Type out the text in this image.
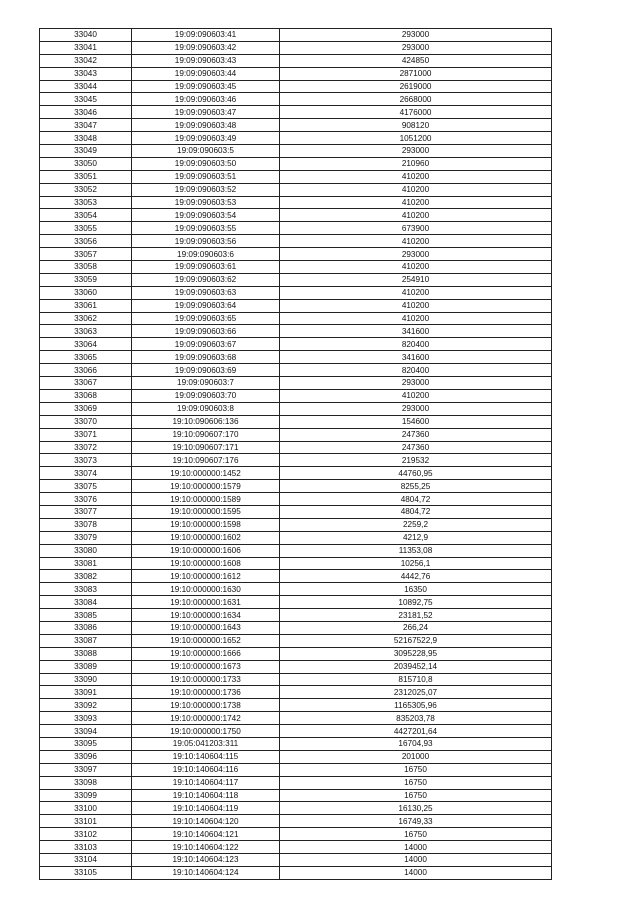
33040	19:09:090603:41	293000
33041	19:09:090603:42	293000
33042	19:09:090603:43	424850
33043	19:09:090603:44	2871000
33044	19:09:090603:45	2619000
33045	19:09:090603:46	2668000
33046	19:09:090603:47	4176000
33047	19:09:090603:48	908120
33048	19:09:090603:49	1051200
33049	19:09:090603:5	293000
33050	19:09:090603:50	210960
33051	19:09:090603:51	410200
33052	19:09:090603:52	410200
33053	19:09:090603:53	410200
33054	19:09:090603:54	410200
33055	19:09:090603:55	673900
33056	19:09:090603:56	410200
33057	19:09:090603:6	293000
33058	19:09:090603:61	410200
33059	19:09:090603:62	254910
33060	19:09:090603:63	410200
33061	19:09:090603:64	410200
33062	19:09:090603:65	410200
33063	19:09:090603:66	341600
33064	19:09:090603:67	820400
33065	19:09:090603:68	341600
33066	19:09:090603:69	820400
33067	19:09:090603:7	293000
33068	19:09:090603:70	410200
33069	19:09:090603:8	293000
33070	19:10:090606:136	154600
33071	19:10:090607:170	247360
33072	19:10:090607:171	247360
33073	19:10:090607:176	219532
33074	19:10:000000:1452	44760,95
33075	19:10:000000:1579	8255,25
33076	19:10:000000:1589	4804,72
33077	19:10:000000:1595	4804,72
33078	19:10:000000:1598	2259,2
33079	19:10:000000:1602	4212,9
33080	19:10:000000:1606	11353,08
33081	19:10:000000:1608	10256,1
33082	19:10:000000:1612	4442,76
33083	19:10:000000:1630	16350
33084	19:10:000000:1631	10892,75
33085	19:10:000000:1634	23181,52
33086	19:10:000000:1643	266,24
33087	19:10:000000:1652	52167522,9
33088	19:10:000000:1666	3095228,95
33089	19:10:000000:1673	2039452,14
33090	19:10:000000:1733	815710,8
33091	19:10:000000:1736	2312025,07
33092	19:10:000000:1738	1165305,96
33093	19:10:000000:1742	835203,78
33094	19:10:000000:1750	4427201,64
33095	19:05:041203:311	16704,93
33096	19:10:140604:115	201000
33097	19:10:140604:116	16750
33098	19:10:140604:117	16750
33099	19:10:140604:118	16750
33100	19:10:140604:119	16130,25
33101	19:10:140604:120	16749,33
33102	19:10:140604:121	16750
33103	19:10:140604:122	14000
33104	19:10:140604:123	14000
33105	19:10:140604:124	14000
